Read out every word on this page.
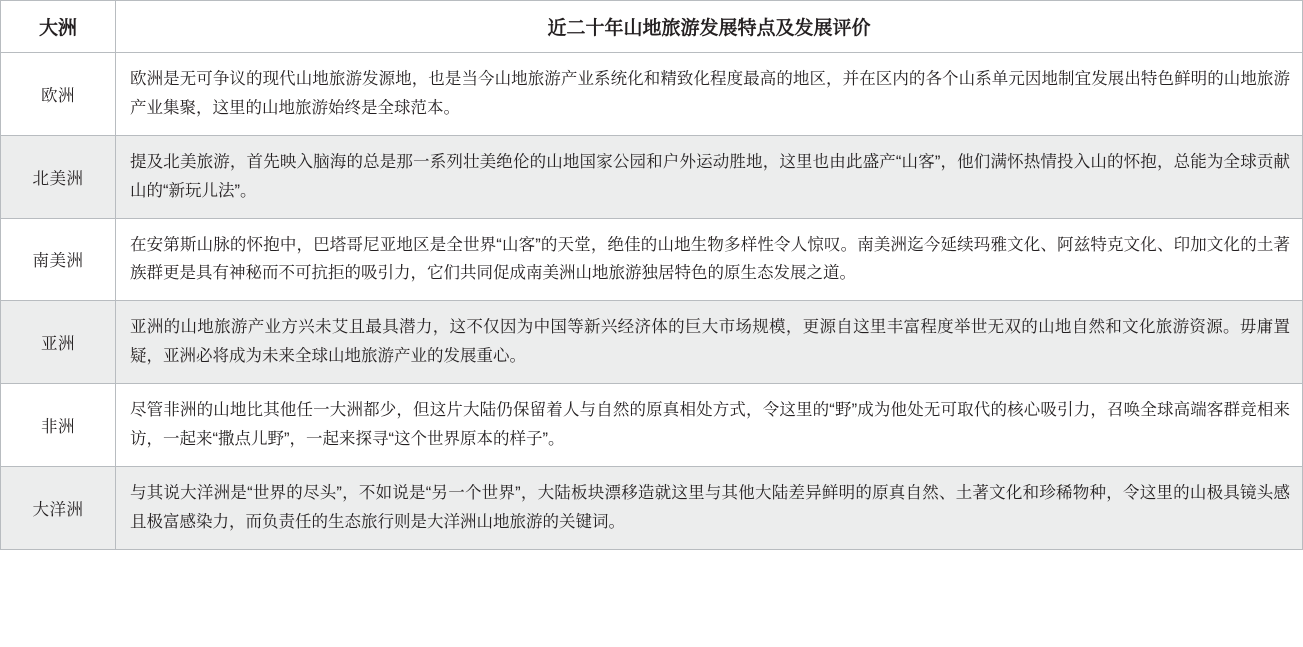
大洲	近二十年山地旅游发展特点及发展评价
欧洲	欧洲是无可争议的现代山地旅游发源地，也是当今山地旅游产业系统化和精致化程度最高的地区，并在区内的各个山系单元因地制宜发展出特色鲜明的山地旅游产业集聚，这里的山地旅游始终是全球范本。
北美洲	提及北美旅游，首先映入脑海的总是那一系列壮美绝伦的山地国家公园和户外运动胜地，这里也由此盛产“山客”，他们满怀热情投入山的怀抱，总能为全球贡献山的“新玩儿法”。
南美洲	在安第斯山脉的怀抱中，巴塔哥尼亚地区是全世界“山客”的天堂，绝佳的山地生物多样性令人惊叹。南美洲迄今延续玛雅文化、阿兹特克文化、印加文化的土著族群更是具有神秘而不可抗拒的吸引力，它们共同促成南美洲山地旅游独居特色的原生态发展之道。
亚洲	亚洲的山地旅游产业方兴未艾且最具潜力，这不仅因为中国等新兴经济体的巨大市场规模，更源自这里丰富程度举世无双的山地自然和文化旅游资源。毋庸置疑，亚洲必将成为未来全球山地旅游产业的发展重心。
非洲	尽管非洲的山地比其他任一大洲都少，但这片大陆仍保留着人与自然的原真相处方式，令这里的“野”成为他处无可取代的核心吸引力，召唤全球高端客群竞相来访，一起来“撒点儿野”，一起来探寻“这个世界原本的样子”。
大洋洲	与其说大洋洲是“世界的尽头”，不如说是“另一个世界”，大陆板块漂移造就这里与其他大陆差异鲜明的原真自然、土著文化和珍稀物种，令这里的山极具镜头感且极富感染力，而负责任的生态旅行则是大洋洲山地旅游的关键词。
